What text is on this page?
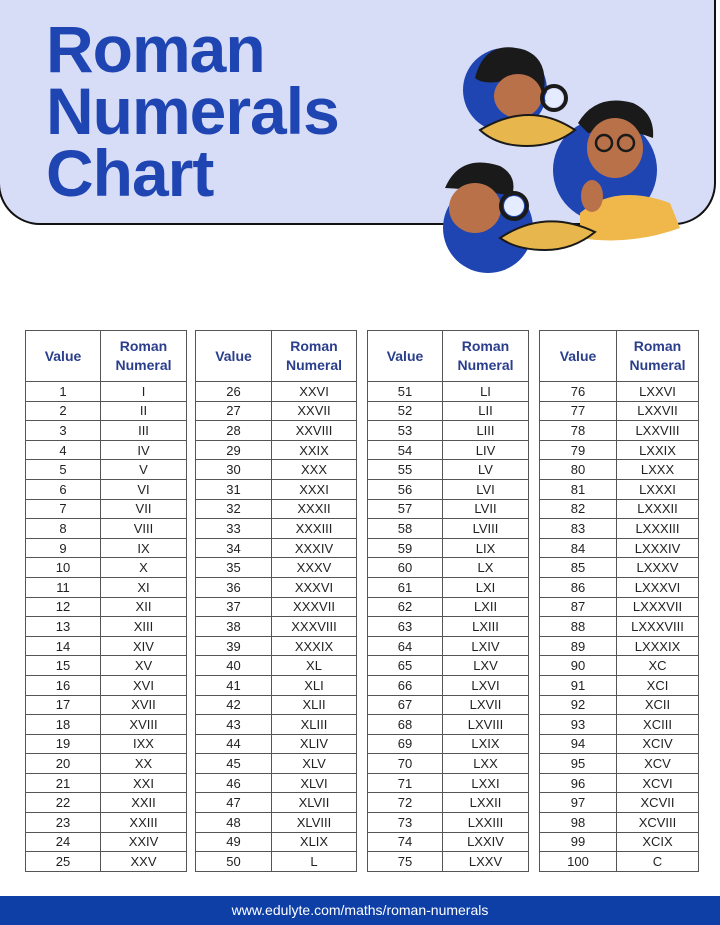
Roman
Numerals
Chart
Value	Roman
Numeral
1	I
2	II
3	III
4	IV
5	V
6	VI
7	VII
8	VIII
9	IX
10	X
11	XI
12	XII
13	XIII
14	XIV
15	XV
16	XVI
17	XVII
18	XVIII
19	IXX
20	XX
21	XXI
22	XXII
23	XXIII
24	XXIV
25	XXV
Value	Roman
Numeral
26	XXVI
27	XXVII
28	XXVIII
29	XXIX
30	XXX
31	XXXI
32	XXXII
33	XXXIII
34	XXXIV
35	XXXV
36	XXXVI
37	XXXVII
38	XXXVIII
39	XXXIX
40	XL
41	XLI
42	XLII
43	XLIII
44	XLIV
45	XLV
46	XLVI
47	XLVII
48	XLVIII
49	XLIX
50	L
Value	Roman
Numeral
51	LI
52	LII
53	LIII
54	LIV
55	LV
56	LVI
57	LVII
58	LVIII
59	LIX
60	LX
61	LXI
62	LXII
63	LXIII
64	LXIV
65	LXV
66	LXVI
67	LXVII
68	LXVIII
69	LXIX
70	LXX
71	LXXI
72	LXXII
73	LXXIII
74	LXXIV
75	LXXV
Value	Roman
Numeral
76	LXXVI
77	LXXVII
78	LXXVIII
79	LXXIX
80	LXXX
81	LXXXI
82	LXXXII
83	LXXXIII
84	LXXXIV
85	LXXXV
86	LXXXVI
87	LXXXVII
88	LXXXVIII
89	LXXXIX
90	XC
91	XCI
92	XCII
93	XCIII
94	XCIV
95	XCV
96	XCVI
97	XCVII
98	XCVIII
99	XCIX
100	C
www.edulyte.com/maths/roman-numerals
